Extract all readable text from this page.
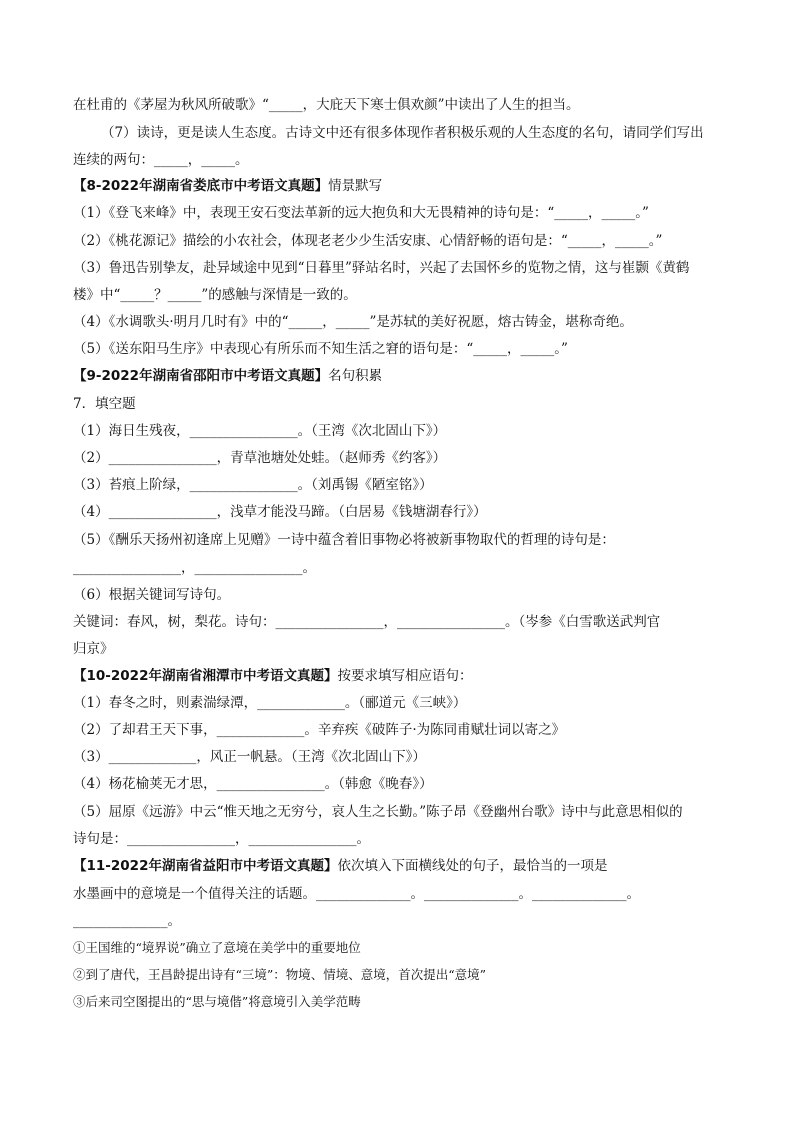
在杜甫的《茅屋为秋风所破歌》“_____，大庇天下寒士俱欢颜”中读出了人生的担当。
（7）读诗，更是读人生态度。古诗文中还有很多体现作者积极乐观的人生态度的名句，请同学们写出
连续的两句：_____，_____。
【8-2022年湖南省娄底市中考语文真题】情景默写
（1）《登飞来峰》中，表现王安石变法革新的远大抱负和大无畏精神的诗句是：“_____，_____。”
（2）《桃花源记》描绘的小农社会，体现老老少少生活安康、心情舒畅的语句是：“_____，_____。”
（3）鲁迅告别挚友，赴异域途中见到“日暮里”驿站名时，兴起了去国怀乡的览物之情，这与崔颢《黄鹤
楼》中“_____？_____”的感触与深情是一致的。
（4）《水调歌头·明月几时有》中的“_____，_____”是苏轼的美好祝愿，熔古铸金，堪称奇绝。
（5）《送东阳马生序》中表现心有所乐而不知生活之窘的语句是：“_____，_____。”
【9-2022年湖南省邵阳市中考语文真题】名句积累
7．填空题
（1）海日生残夜，________________。（王湾《次北固山下》）
（2）________________，青草池塘处处蛙。（赵师秀《约客》）
（3）苔痕上阶绿，________________。（刘禹锡《陋室铭》）
（4）________________，浅草才能没马蹄。（白居易《钱塘湖春行》）
（5）《酬乐天扬州初逢席上见赠》一诗中蕴含着旧事物必将被新事物取代的哲理的诗句是：
________________，________________。
（6）根据关键词写诗句。
关键词：春风，树，梨花。诗句：________________，________________。（岑参《白雪歌送武判官
归京》
【10-2022年湖南省湘潭市中考语文真题】按要求填写相应语句：
（1）春冬之时，则素湍绿潭，_____________。（郦道元《三峡》）
（2）了却君王天下事，_____________。辛弃疾《破阵子·为陈同甫赋壮词以寄之》
（3）_____________，风正一帆悬。（王湾《次北固山下》）
（4）杨花榆荚无才思，________________。（韩愈《晚春》）
（5）屈原《远游》中云“惟天地之无穷兮，哀人生之长勤。”陈子昂《登幽州台歌》诗中与此意思相似的
诗句是：________________，________________。
【11-2022年湖南省益阳市中考语文真题】依次填入下面横线处的句子，最恰当的一项是
水墨画中的意境是一个值得关注的话题。______________。______________。______________。
______________。
①王国维的“境界说”确立了意境在美学中的重要地位
②到了唐代，王昌龄提出诗有“三境”：物境、情境、意境，首次提出“意境”
③后来司空图提出的“思与境偕”将意境引入美学范畴
